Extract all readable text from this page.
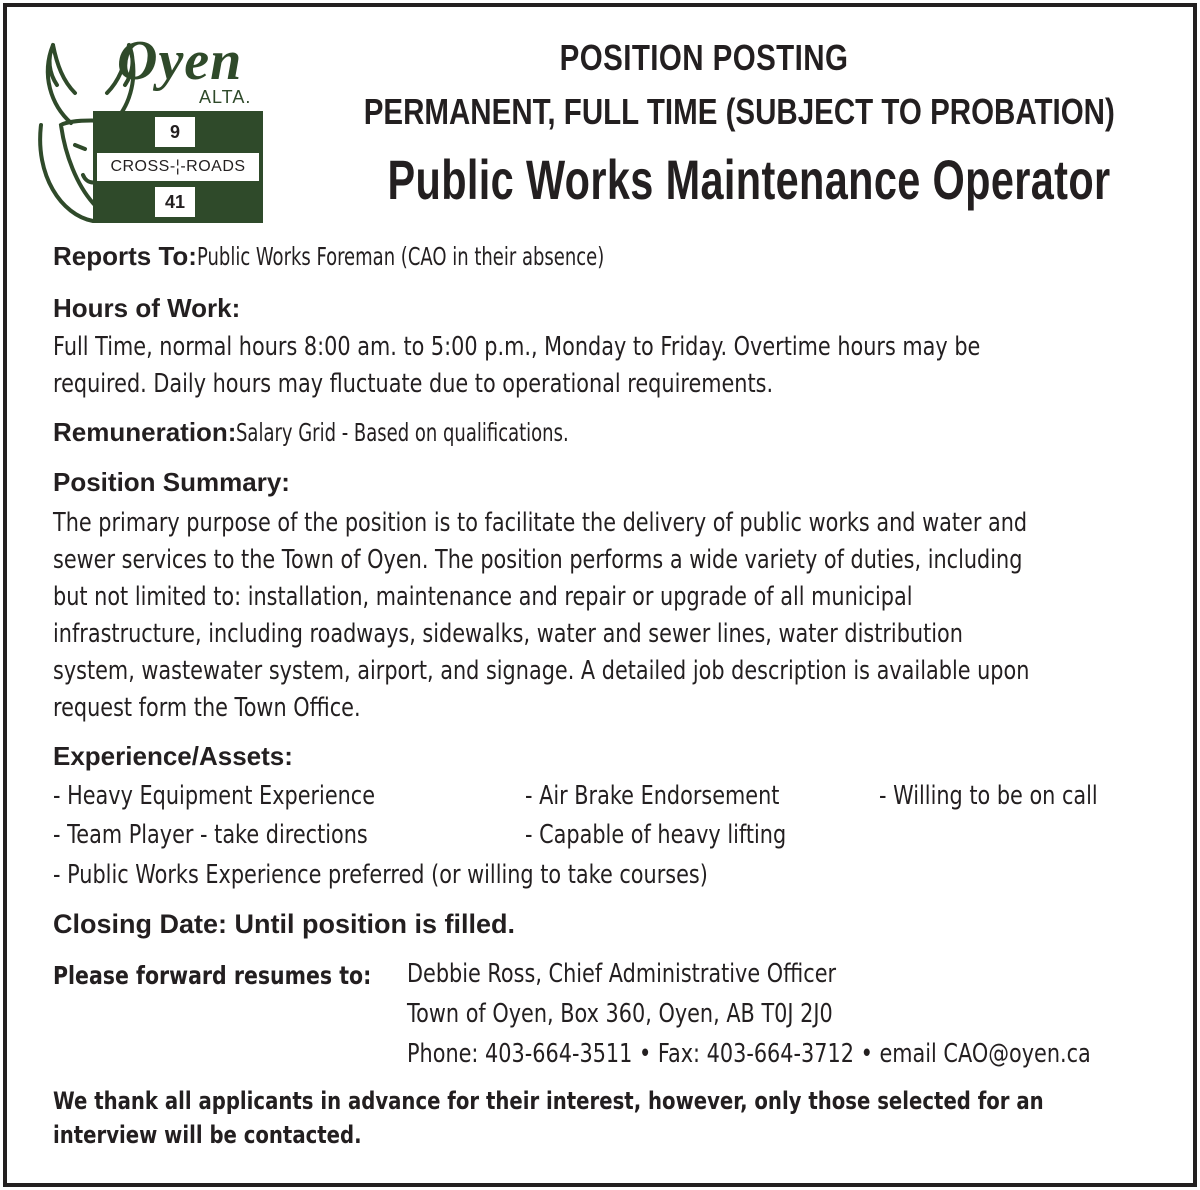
Oyen
ALTA.
9
CROSS-¦-ROADS
41
POSITION POSTING
PERMANENT, FULL TIME (SUBJECT TO PROBATION)
Public Works Maintenance Operator
Reports To:Public Works Foreman (CAO in their absence)
Hours of Work:
Full Time, normal hours 8:00 am. to 5:00 p.m., Monday to Friday. Overtime hours may be
required. Daily hours may fluctuate due to operational requirements.
Remuneration:Salary Grid - Based on qualifications.
Position Summary:
The primary purpose of the position is to facilitate the delivery of public works and water and
sewer services to the Town of Oyen. The position performs a wide variety of duties, including
but not limited to: installation, maintenance and repair or upgrade of all municipal
infrastructure, including roadways, sidewalks, water and sewer lines, water distribution
system, wastewater system, airport, and signage. A detailed job description is available upon
request form the Town Office.
Experience/Assets:
- Heavy Equipment Experience	- Air Brake Endorsement	- Willing to be on call
- Team Player - take directions	- Capable of heavy lifting
- Public Works Experience preferred (or willing to take courses)
Closing Date: Until position is filled.
Please forward resumes to: Debbie Ross, Chief Administrative Officer
Town of Oyen, Box 360, Oyen, AB T0J 2J0
Phone: 403-664-3511 • Fax: 403-664-3712 • email CAO@oyen.ca
We thank all applicants in advance for their interest, however, only those selected for an
interview will be contacted.
